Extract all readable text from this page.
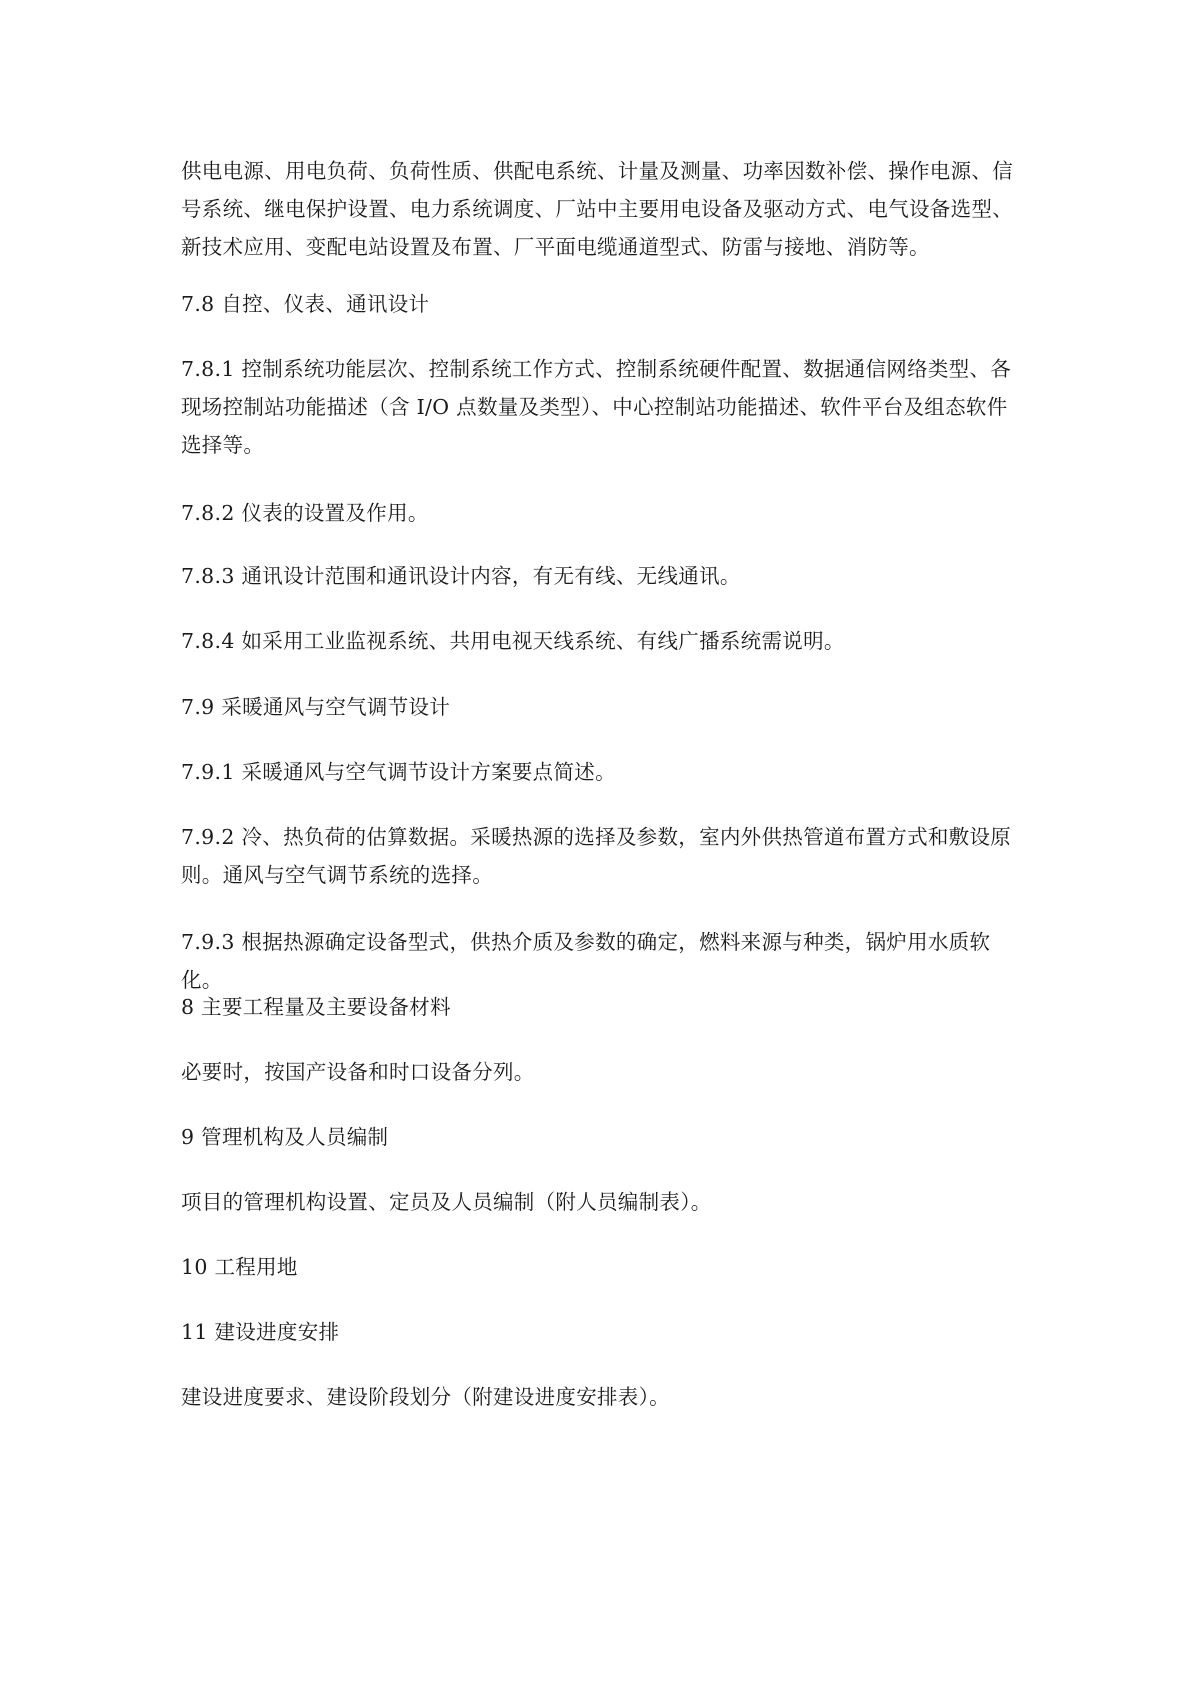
供电电源、用电负荷、负荷性质、供配电系统、计量及测量、功率因数补偿、操作电源、信号系统、继电保护设置、电力系统调度、厂站中主要用电设备及驱动方式、电气设备选型、新技术应用、变配电站设置及布置、厂平面电缆通道型式、防雷与接地、消防等。

7.8 自控、仪表、通讯设计

7.8.1 控制系统功能层次、控制系统工作方式、控制系统硬件配置、数据通信网络类型、各现场控制站功能描述（含 I/O 点数量及类型）、中心控制站功能描述、软件平台及组态软件选择等。

7.8.2 仪表的设置及作用。

7.8.3 通讯设计范围和通讯设计内容，有无有线、无线通讯。

7.8.4 如采用工业监视系统、共用电视天线系统、有线广播系统需说明。

7.9 采暖通风与空气调节设计

7.9.1 采暖通风与空气调节设计方案要点简述。

7.9.2 冷、热负荷的估算数据。采暖热源的选择及参数，室内外供热管道布置方式和敷设原则。通风与空气调节系统的选择。

7.9.3 根据热源确定设备型式，供热介质及参数的确定，燃料来源与种类，锅炉用水质软化。

8 主要工程量及主要设备材料

必要时，按国产设备和时口设备分列。

9 管理机构及人员编制

项目的管理机构设置、定员及人员编制（附人员编制表）。

10 工程用地

11 建设进度安排

建设进度要求、建设阶段划分（附建设进度安排表）。
